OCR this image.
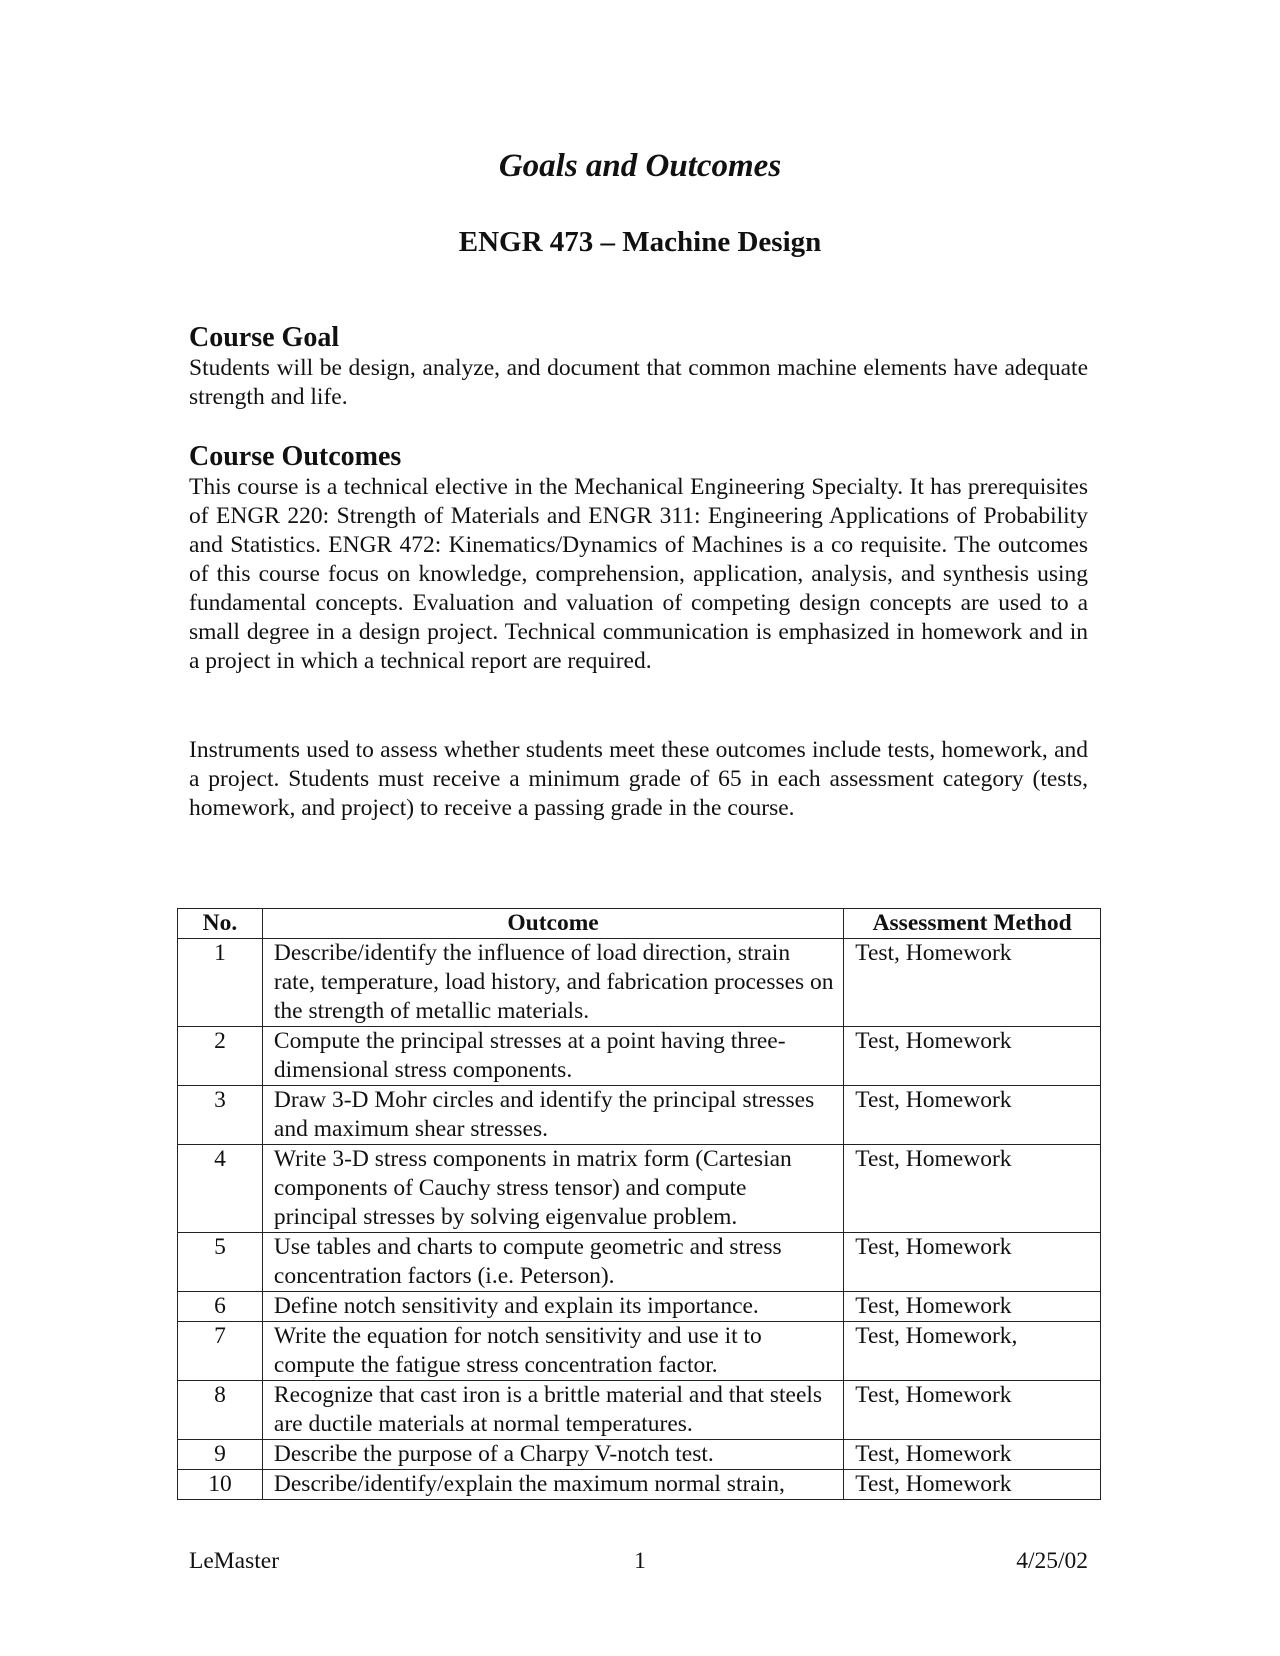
Goals and Outcomes
ENGR 473 – Machine Design
Course Goal

Students will be design, analyze, and document that common machine elements have adequate strength and life.

Course Outcomes

This course is a technical elective in the Mechanical Engineering Specialty. It has prerequisites of ENGR 220: Strength of Materials and ENGR 311: Engineering Applications of Probability and Statistics. ENGR 472: Kinematics/Dynamics of Machines is a co requisite. The outcomes of this course focus on knowledge, comprehension, application, analysis, and synthesis using fundamental concepts. Evaluation and valuation of competing design concepts are used to a small degree in a design project. Technical communication is emphasized in homework and in a project in which a technical report are required.

Instruments used to assess whether students meet these outcomes include tests, homework, and a project. Students must receive a minimum grade of 65 in each assessment category (tests, homework, and project) to receive a passing grade in the course.

No.	Outcome	Assessment Method
1	Describe/identify the influence of load direction, strain rate, temperature, load history, and fabrication processes on the strength of metallic materials.	Test, Homework
2	Compute the principal stresses at a point having three-dimensional stress components.	Test, Homework
3	Draw 3-D Mohr circles and identify the principal stresses and maximum shear stresses.	Test, Homework
4	Write 3-D stress components in matrix form (Cartesian components of Cauchy stress tensor) and compute principal stresses by solving eigenvalue problem.	Test, Homework
5	Use tables and charts to compute geometric and stress concentration factors (i.e. Peterson).	Test, Homework
6	Define notch sensitivity and explain its importance.	Test, Homework
7	Write the equation for notch sensitivity and use it to compute the fatigue stress concentration factor.	Test, Homework,
8	Recognize that cast iron is a brittle material and that steels are ductile materials at normal temperatures.	Test, Homework
9	Describe the purpose of a Charpy V-notch test.	Test, Homework
10	Describe/identify/explain the maximum normal strain,	Test, Homework

LeMaster	1	4/25/02
